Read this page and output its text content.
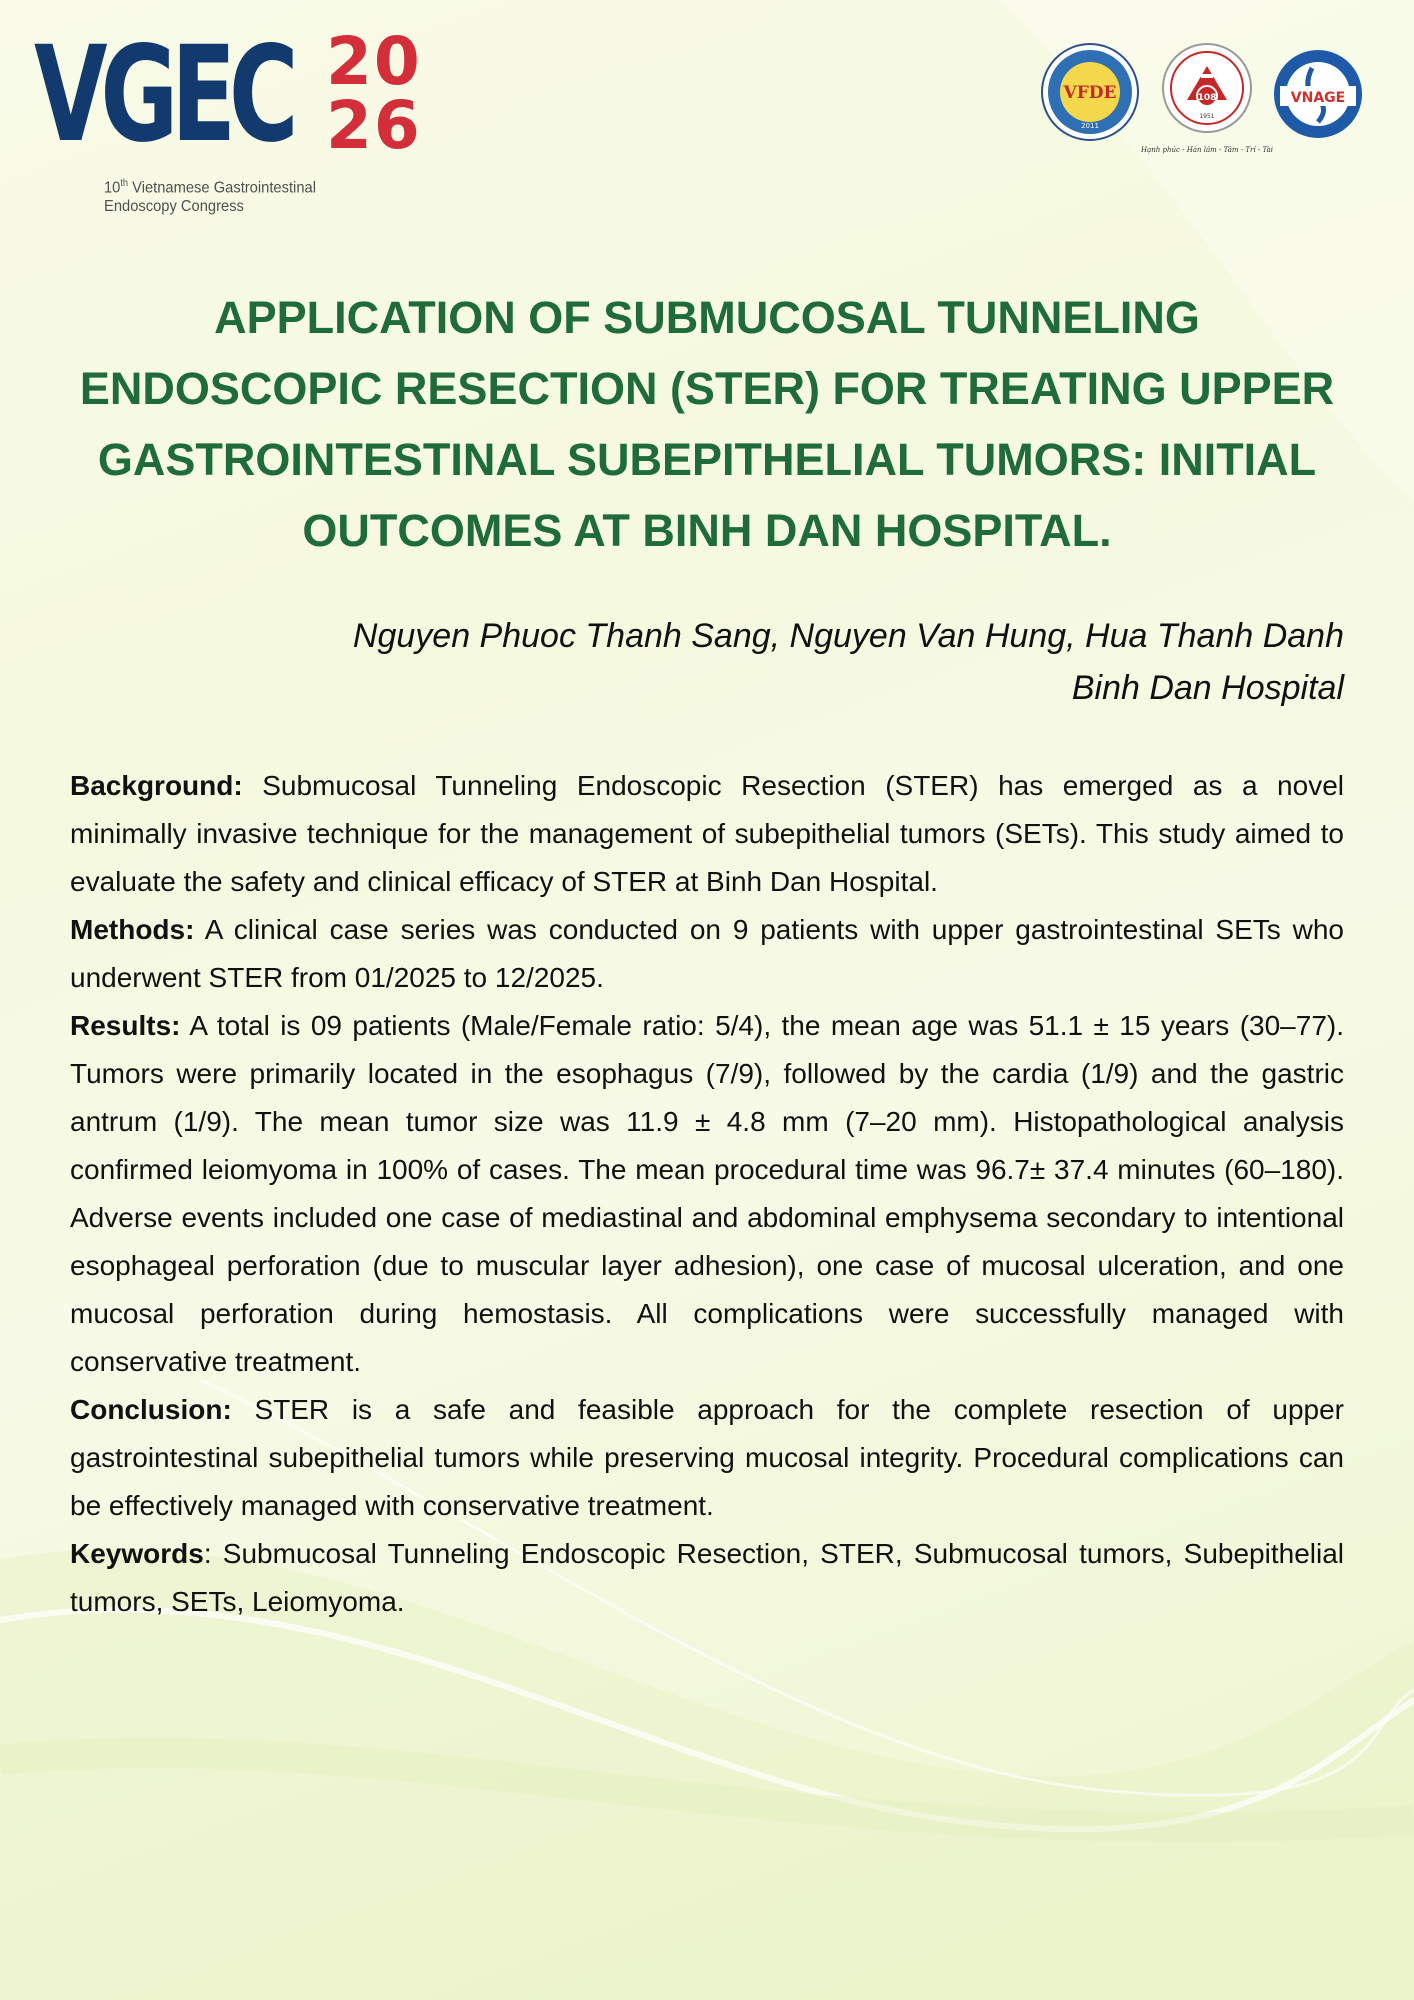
VGEC 20
26
10th Vietnamese Gastrointestinal
Endoscopy Congress
VFDE
2011
108
1951
Hạnh phúc - Hàn lâm - Tâm - Trí - Tài
VNAGE
APPLICATION OF SUBMUCOSAL TUNNELING
ENDOSCOPIC RESECTION (STER) FOR TREATING UPPER
GASTROINTESTINAL SUBEPITHELIAL TUMORS: INITIAL
OUTCOMES AT BINH DAN HOSPITAL.
Nguyen Phuoc Thanh Sang, Nguyen Van Hung, Hua Thanh Danh
Binh Dan Hospital

Background: Submucosal Tunneling Endoscopic Resection (STER) has emerged as a novel minimally invasive technique for the management of subepithelial tumors (SETs). This study aimed to evaluate the safety and clinical efficacy of STER at Binh Dan Hospital.

Methods: A clinical case series was conducted on 9 patients with upper gastrointestinal SETs who underwent STER from 01/2025 to 12/2025.

Results: A total is 09 patients (Male/Female ratio: 5/4), the mean age was 51.1 ± 15 years (30–77). Tumors were primarily located in the esophagus (7/9), followed by the cardia (1/9) and the gastric antrum (1/9). The mean tumor size was 11.9 ± 4.8 mm (7–20 mm). Histopathological analysis confirmed leiomyoma in 100% of cases. The mean procedural time was 96.7± 37.4 minutes (60–180). Adverse events included one case of mediastinal and abdominal emphysema secondary to intentional esophageal perforation (due to muscular layer adhesion), one case of mucosal ulceration, and one mucosal perforation during hemostasis. All complications were successfully managed with conservative treatment.

Conclusion: STER is a safe and feasible approach for the complete resection of upper gastrointestinal subepithelial tumors while preserving mucosal integrity. Procedural complications can be effectively managed with conservative treatment.

Keywords: Submucosal Tunneling Endoscopic Resection, STER, Submucosal tumors, Subepithelial tumors, SETs, Leiomyoma.
